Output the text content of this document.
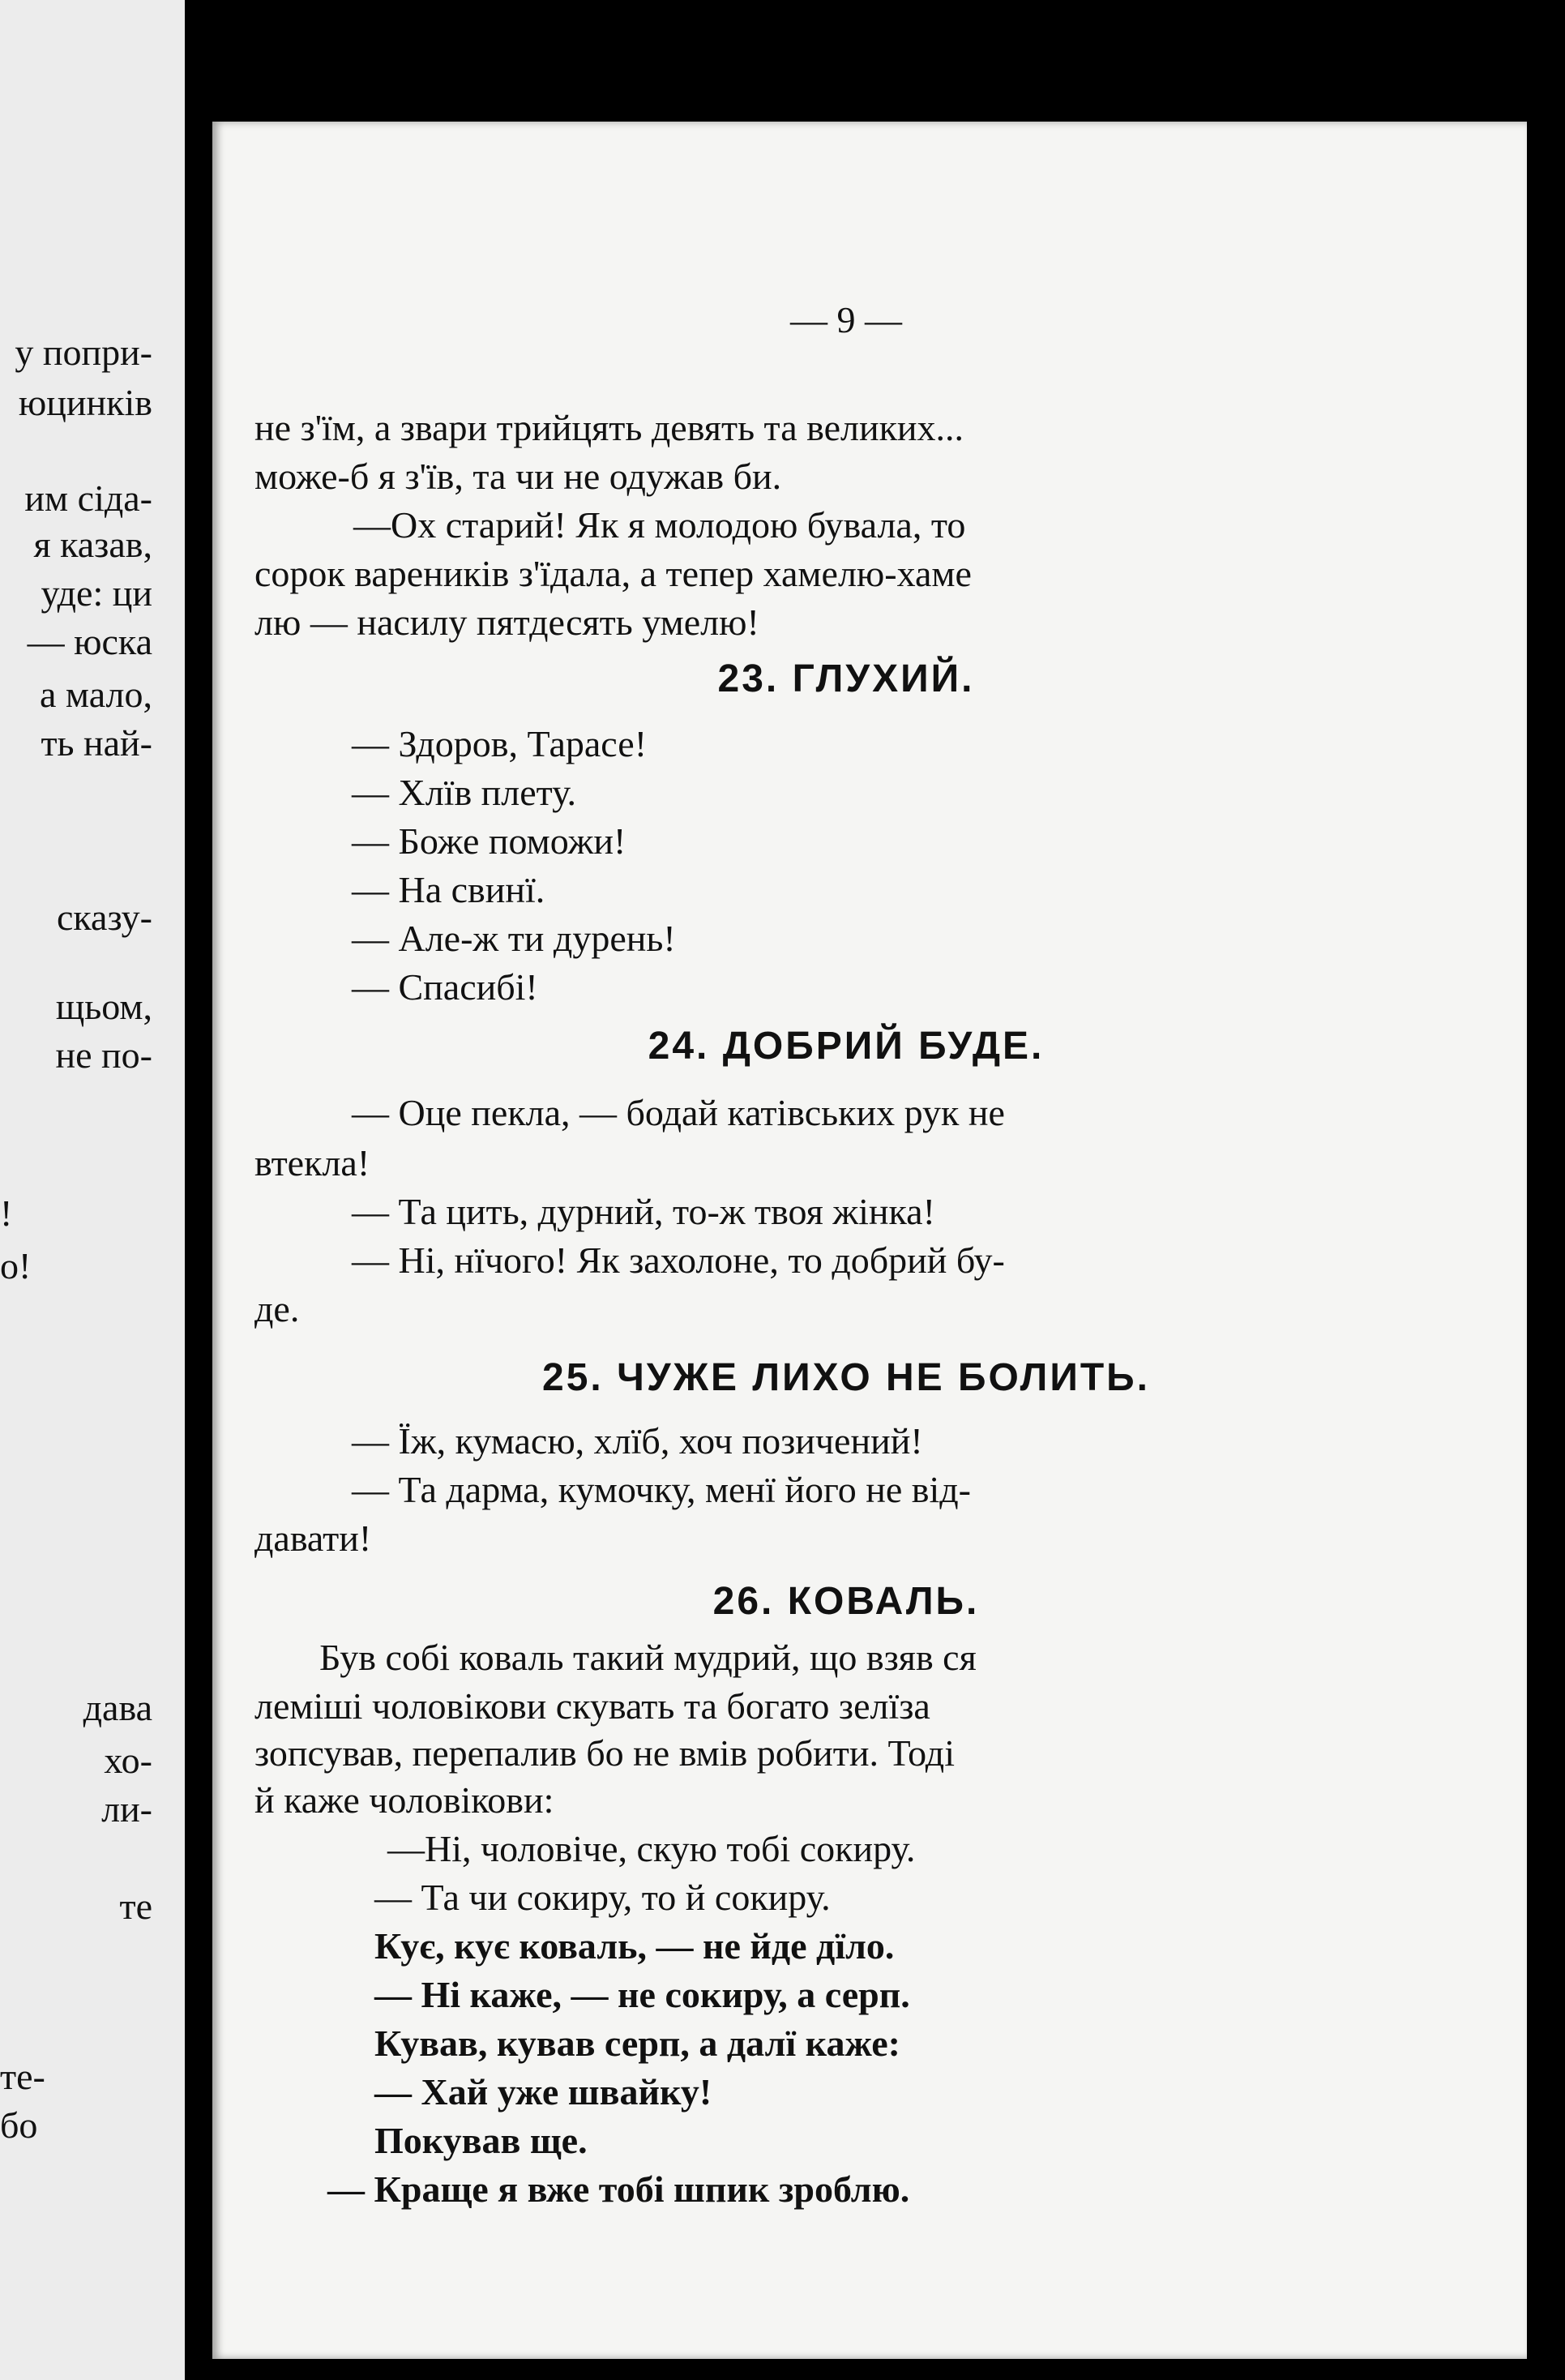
у попри-
юцинків
им сіда-
я казав,
уде: ци
— юска
а мало,
ть най-
сказу-
щьом,
не по-
!
о!
дава
хо-
ли-
те
те-
бо
— 9 —
не з'їм, а звари трийцять девять та великих...
може-б я з'їв, та чи не одужав би.
—Ох старий! Як я молодою бувала, то
сорок вареників з'їдала, а тепер хамелю-хаме
лю — насилу пятдесять умелю!
23. ГЛУХИЙ.
— Здоров, Тарасе!
— Хлїв плету.
— Боже поможи!
— На свинї.
— Але-ж ти дурень!
— Спасибі!
24. ДОБРИЙ БУДЕ.
— Оце пекла, — бодай катівських рук не
втекла!
— Та цить, дурний, то-ж твоя жінка!
— Ні, нїчого! Як захолоне, то добрий бу-
де.
25. ЧУЖЕ ЛИХО НЕ БОЛИТЬ.
— Їж, кумасю, хлїб, хоч позичений!
— Та дарма, кумочку, менї його не від-
давати!
26. КОВАЛЬ.
Був собі коваль такий мудрий, що взяв ся
леміші чоловікови скувать та богато зелїза
зопсував, перепалив бо не вмів робити. Тоді
й каже чоловікови:
—Ні, чоловіче, скую тобі сокиру.
— Та чи сокиру, то й сокиру.
Кує, кує коваль, — не йде дїло.
— Ні каже, — не сокиру, а серп.
Кував, кував серп, а далї каже:
— Хай уже швайку!
Покував ще.
— Краще я вже тобі шпик зроблю.
